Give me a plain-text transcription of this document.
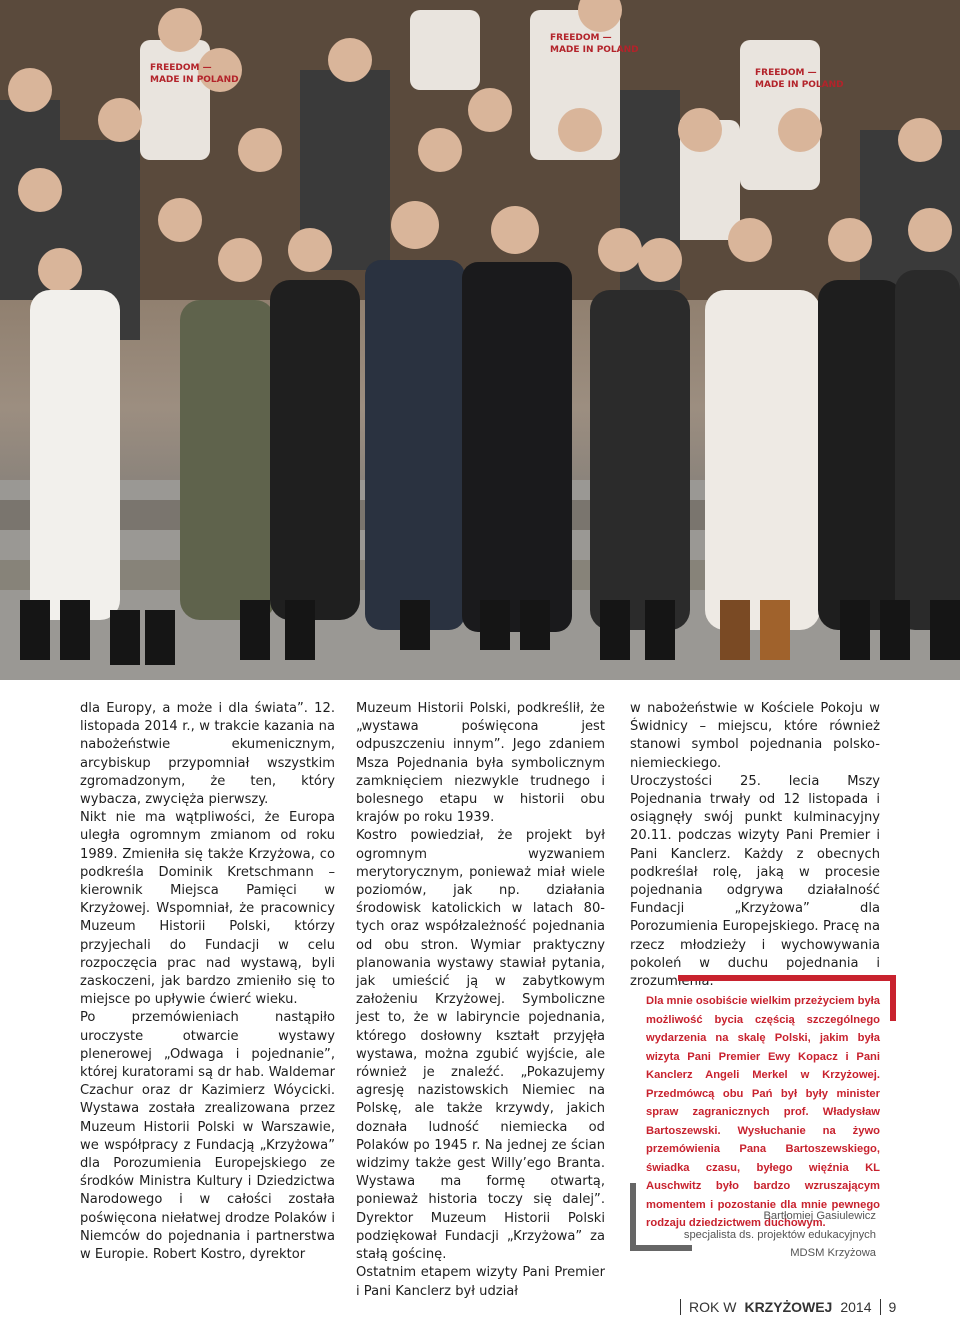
FREEDOM —
MADE IN POLAND
FREEDOM —
MADE IN POLAND
FREEDOM —
MADE IN POLAND

dla Europy, a może i dla świata”. 12. listopada 2014 r., w trakcie kazania na nabożeństwie ekumenicznym, arcybiskup przypomniał wszystkim zgromadzonym, że ten, który wybacza, zwycięża pierwszy.

Nikt nie ma wątpliwości, że Europa uległa ogromnym zmianom od roku 1989. Zmieniła się także Krzyżowa, co podkreśla Dominik Kretschmann – kierownik Miejsca Pamięci w Krzyżowej. Wspomniał, że pracownicy Muzeum Historii Polski, którzy przyjechali do Fundacji w celu rozpoczęcia prac nad wystawą, byli zaskoczeni, jak bardzo zmieniło się to miejsce po upływie ćwierć wieku.

Po przemówieniach nastąpiło uroczyste otwarcie wystawy plenerowej „Odwaga i pojednanie”, której kuratorami są dr hab. Waldemar Czachur oraz dr Kazimierz Wóycicki. Wystawa została zrealizowana przez Muzeum Historii Polski w Warszawie, we współpracy z Fundacją „Krzyżowa” dla Porozumienia Europejskiego ze środków Ministra Kultury i Dziedzictwa Narodowego i w całości została poświęcona niełatwej drodze Polaków i Niemców do pojednania i partnerstwa w Europie. Robert Kostro, dyrektor

Muzeum Historii Polski, podkreślił, że „wystawa poświęcona jest odpuszczeniu innym”. Jego zdaniem Msza Pojednania była symbolicznym zamknięciem niezwykle trudnego i bolesnego etapu w historii obu krajów po roku 1939.

Kostro powiedział, że projekt był ogromnym wyzwaniem merytorycznym, ponieważ miał wiele poziomów, jak np. działania środowisk katolickich w latach 80-tych oraz współzależność pojednania od obu stron. Wymiar praktyczny planowania wystawy stawiał pytania, jak umieścić ją w zabytkowym założeniu Krzyżowej. Symboliczne jest to, że w labiryncie pojednania, którego dosłowny kształt przyjęła wystawa, można zgubić wyjście, ale również je znaleźć. „Pokazujemy agresję nazistowskich Niemiec na Polskę, ale także krzywdy, jakich doznała ludność niemiecka od Polaków po 1945 r. Na jednej ze ścian widzimy także gest Willy’ego Branta. Wystawa ma formę otwartą, ponieważ historia toczy się dalej”. Dyrektor Muzeum Historii Polski podziękował Fundacji „Krzyżowa” za stałą gościnę.

Ostatnim etapem wizyty Pani Premier i Pani Kanclerz był udział

w nabożeństwie w Kościele Pokoju w Świdnicy – miejscu, które również stanowi symbol pojednania polsko-niemieckiego.

Uroczystości 25. lecia Mszy Pojednania trwały od 12 listopada i osiągnęły swój punkt kulminacyjny 20.11. podczas wizyty Pani Premier i Pani Kanclerz. Każdy z obecnych podkreślał rolę, jaką w procesie pojednania odgrywa działalność Fundacji „Krzyżowa” dla Porozumienia Europejskiego. Pracę na rzecz młodzieży i wychowywania pokoleń w duchu pojednania i zrozumienia.

Dla mnie osobiście wielkim przeżyciem była możliwość bycia częścią szczególnego wydarzenia na skalę Polski, jakim była wizyta Pani Premier Ewy Kopacz i Pani Kanclerz Angeli Merkel w Krzyżowej. Przedmówcą obu Pań był były minister spraw zagranicznych prof. Władysław Bartoszewski. Wysłuchanie na żywo przemówienia Pana Bartoszewskiego, świadka czasu, byłego więźnia KL Auschwitz było bardzo wzruszającym momentem i pozostanie dla mnie pewnego rodzaju dziedzictwem duchowym.
Bartłomiej Gasiulewicz
specjalista ds. projektów edukacyjnych
MDSM Krzyżowa
ROK W KRZYŻOWEJ 2014 9
